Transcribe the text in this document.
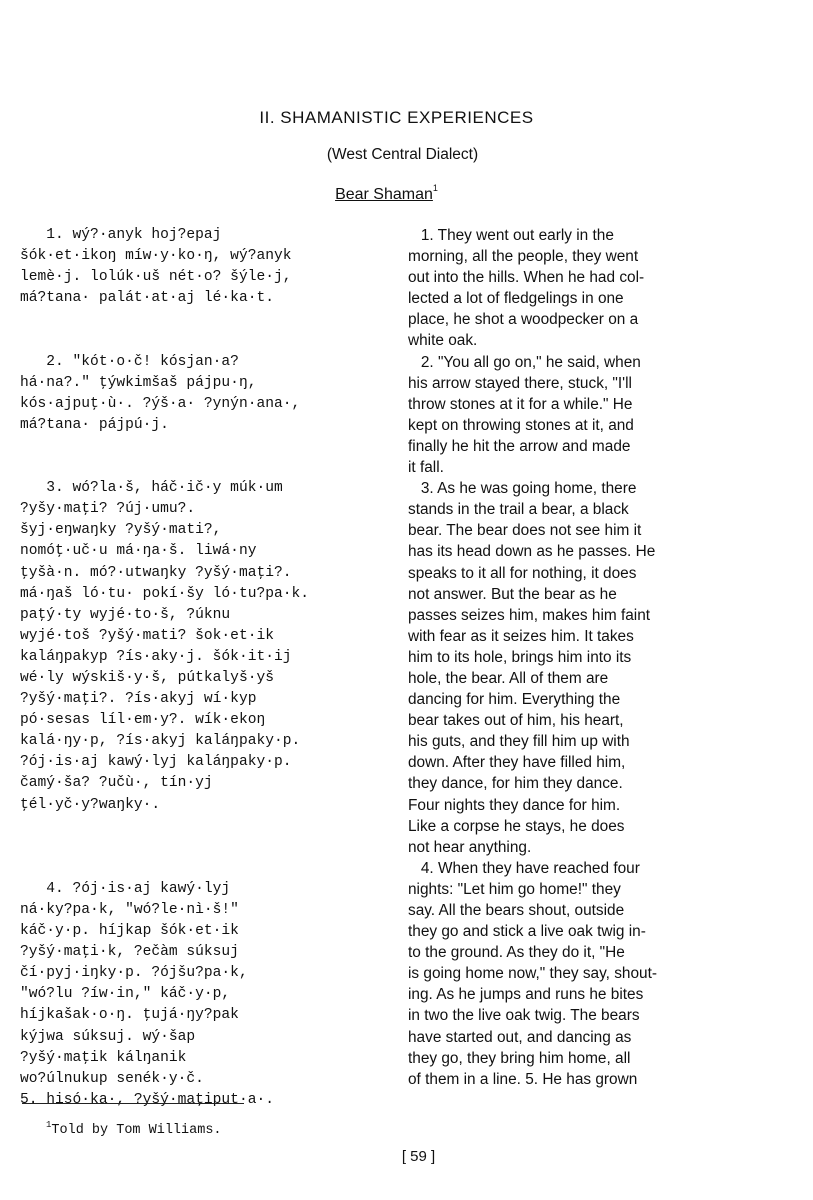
II. SHAMANISTIC EXPERIENCES
(West Central Dialect)
Bear Shaman$^1$
1. wý?·anyk hoj?epaj
šók·et·ikoŋ míw·y·ko·ŋ, wý?anyk
lemè·j. lolúk·uš nét·o? šýle·j,
má?tana· palát·at·aj lé·ka·t.
2. "kót·o·č! kósjan·a?
há·na?." ţýwkimšaš pájpu·ŋ,
kós·ajpuţ·ù·. ?ýš·a· ?ynýn·ana·,
má?tana· pájpú·j.
3. wó?la·š, háč·ič·y múk·um
?yšy·maţi? ?új·umu?.
šyj·eŋwaŋky ?yšý·mati?,
nomóţ·uč·u má·ŋa·š. liwá·ny
ţyšà·n. mó?·utwaŋky ?yšý·maţi?.
má·ŋaš ló·tu· pokí·šy ló·tu?pa·k.
paţý·ty wyjé·to·š, ?úknu
wyjé·toš ?yšý·mati? šok·et·ik
kaláŋpakyp ?ís·aky·j. šók·it·ij
wé·ly wýskiš·y·š, pútkalyš·yš
?yšý·maţi?. ?ís·akyj wí·kyp
pó·sesas líl·em·y?. wík·ekoŋ
kalá·ŋy·p, ?ís·akyj kaláŋpaky·p.
?ój·is·aj kawý·lyj kaláŋpaky·p.
čamý·ša? ?učù·, tín·yj
ţél·yč·y?waŋky·.
4. ?ój·is·aj kawý·lyj
ná·ky?pa·k, "wó?le·nì·š!"
káč·y·p. híjkap šók·et·ik
?yšý·maţi·k, ?ečàm súksuj
čí·pyj·iŋky·p. ?ójšu?pa·k,
"wó?lu ?íw·in," káč·y·p,
híjkašak·o·ŋ. ţujá·ŋy?pak
kýjwa súksuj. wý·šap
?yšý·maţik kálŋanik
wo?úlnukup senék·y·č.
5. hisó·ka·, ?yšý·maţiput·a·.
1. They went out early in the
morning, all the people, they went
out into the hills. When he had col-
lected a lot of fledgelings in one
place, he shot a woodpecker on a
white oak.
2. "You all go on," he said, when
his arrow stayed there, stuck, "I'll
throw stones at it for a while." He
kept on throwing stones at it, and
finally he hit the arrow and made
it fall.
3. As he was going home, there
stands in the trail a bear, a black
bear. The bear does not see him it
has its head down as he passes. He
speaks to it all for nothing, it does
not answer. But the bear as he
passes seizes him, makes him faint
with fear as it seizes him. It takes
him to its hole, brings him into its
hole, the bear. All of them are
dancing for him. Everything the
bear takes out of him, his heart,
his guts, and they fill him up with
down. After they have filled him,
they dance, for him they dance.
Four nights they dance for him.
Like a corpse he stays, he does
not hear anything.
4. When they have reached four
nights: "Let him go home!" they
say. All the bears shout, outside
they go and stick a live oak twig in-
to the ground. As they do it, "He
is going home now," they say, shout-
ing. As he jumps and runs he bites
in two the live oak twig. The bears
have started out, and dancing as
they go, they bring him home, all
of them in a line. 5. He has grown
$^1$Told by Tom Williams.
[ 59 ]
